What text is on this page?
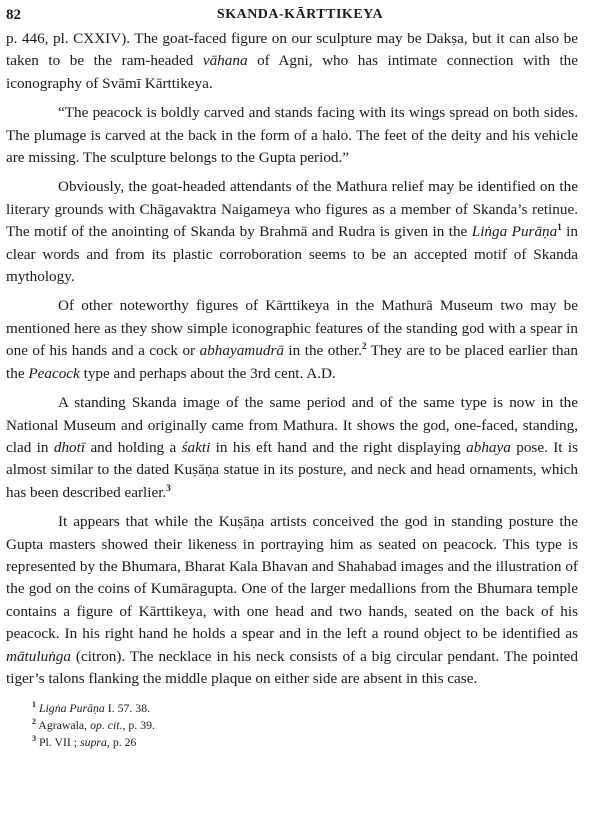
82	SKANDA-KĀRTTIKEYA

p. 446, pl. CXXIV). The goat-faced figure on our sculpture may be Dakṣa, but it can also be taken to be the ram-headed vāhana of Agni, who has intimate connection with the iconography of Svāmī Kārttikeya.

“The peacock is boldly carved and stands facing with its wings spread on both sides. The plumage is carved at the back in the form of a halo. The feet of the deity and his vehicle are missing. The sculpture belongs to the Gupta period.”

Obviously, the goat-headed attendants of the Mathura relief may be identified on the literary grounds with Chāgavaktra Naigameya who figures as a member of Skanda’s retinue. The motif of the anointing of Skanda by Brahmā and Rudra is given in the Liṅga Purāṇa$^1$ in clear words and from its plastic corroboration seems to be an accepted motif of Skanda mythology.

Of other noteworthy figures of Kārttikeya in the Mathurā Museum two may be mentioned here as they show simple iconographic features of the standing god with a spear in one of his hands and a cock or abhayamudrā in the other.$^2$ They are to be placed earlier than the Peacock type and perhaps about the 3rd cent. A.D.

A standing Skanda image of the same period and of the same type is now in the National Museum and originally came from Mathura. It shows the god, one-faced, standing, clad in dhotī and holding a śakti in his eft hand and the right displaying abhaya pose. It is almost similar to the dated Kuṣāṇa statue in its posture, and neck and head ornaments, which has been described earlier.$^3$

It appears that while the Kuṣāṇa artists conceived the god in standing posture the Gupta masters showed their likeness in portraying him as seated on peacock. This type is represented by the Bhumara, Bharat Kala Bhavan and Shahabad images and the illustration of the god on the coins of Kumāragupta. One of the larger medallions from the Bhumara temple contains a figure of Kārttikeya, with one head and two hands, seated on the back of his peacock. In his right hand he holds a spear and in the left a round object to be identified as mātuluṅga (citron). The necklace in his neck consists of a big circular pendant. The pointed tiger’s talons flanking the middle plaque on either side are absent in this case.

$^1$ Ligṅa Purāṇa I. 57. 38.
$^2$ Agrawala, op. cit., p. 39.
$^3$ Pl. VII ; supra, p. 26
